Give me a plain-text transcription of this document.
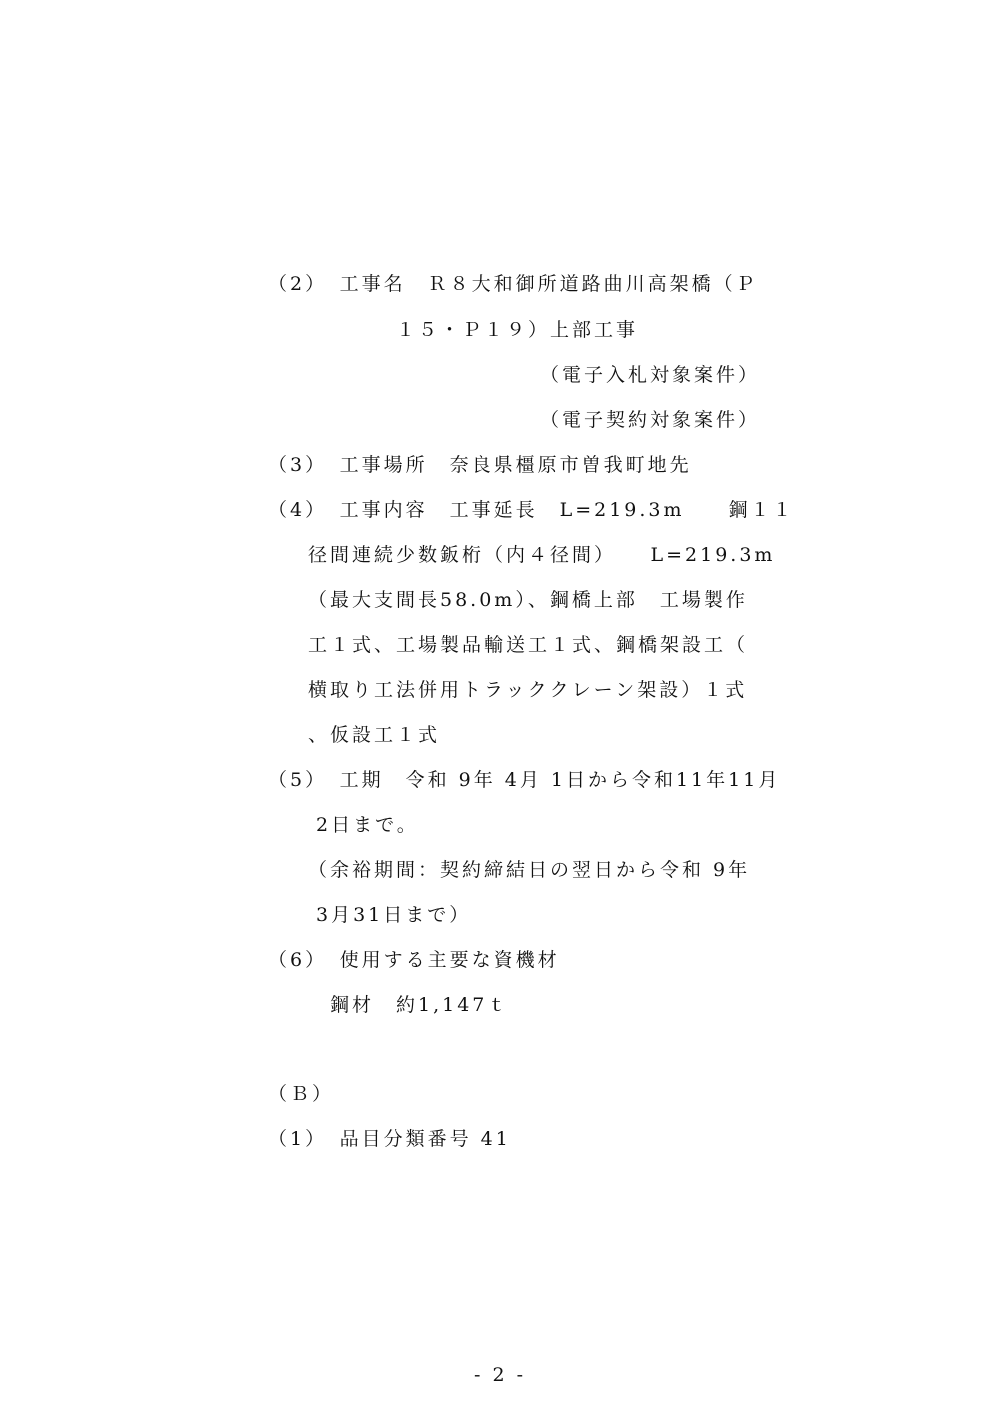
（2）　工事名　Ｒ８大和御所道路曲川高架橋（Ｐ
１５・Ｐ１９）上部工事
（電子入札対象案件）
（電子契約対象案件）
（3）　工事場所　奈良県橿原市曽我町地先
（4）　工事内容　工事延長　L=219.3m　　鋼１１
径間連続少数鈑桁（内４径間）　　L=219.3m
（最大支間長58.0m）、鋼橋上部　工場製作
工１式、工場製品輸送工１式、鋼橋架設工（
横取り工法併用トラッククレーン架設）１式
、仮設工１式
（5）　工期　令和 9年 4月 1日から令和11年11月
2日まで。
（余裕期間：契約締結日の翌日から令和 9年
3月31日まで）
（6）　使用する主要な資機材
鋼材　約1,147ｔ
（Ｂ）
（1）　品目分類番号 41
- 2 -
